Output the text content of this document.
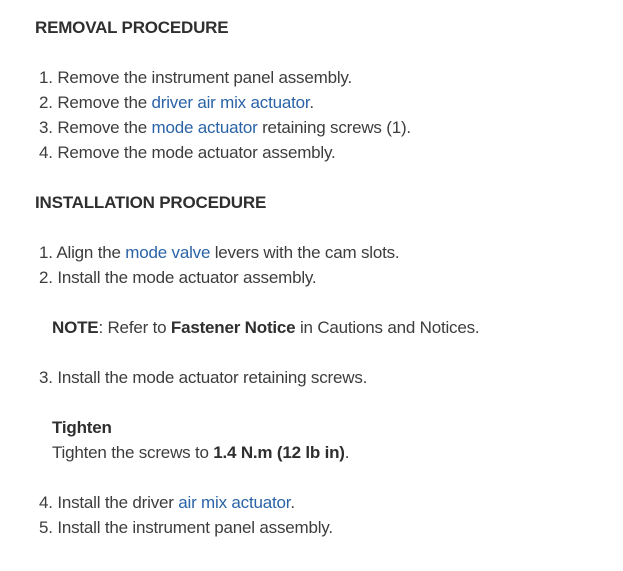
REMOVAL PROCEDURE
1. Remove the instrument panel assembly.
2. Remove the driver air mix actuator.
3. Remove the mode actuator retaining screws (1).
4. Remove the mode actuator assembly.
INSTALLATION PROCEDURE
1. Align the mode valve levers with the cam slots.
2. Install the mode actuator assembly.
NOTE: Refer to Fastener Notice in Cautions and Notices.
3. Install the mode actuator retaining screws.
Tighten
Tighten the screws to 1.4 N.m (12 lb in).
4. Install the driver air mix actuator.
5. Install the instrument panel assembly.
